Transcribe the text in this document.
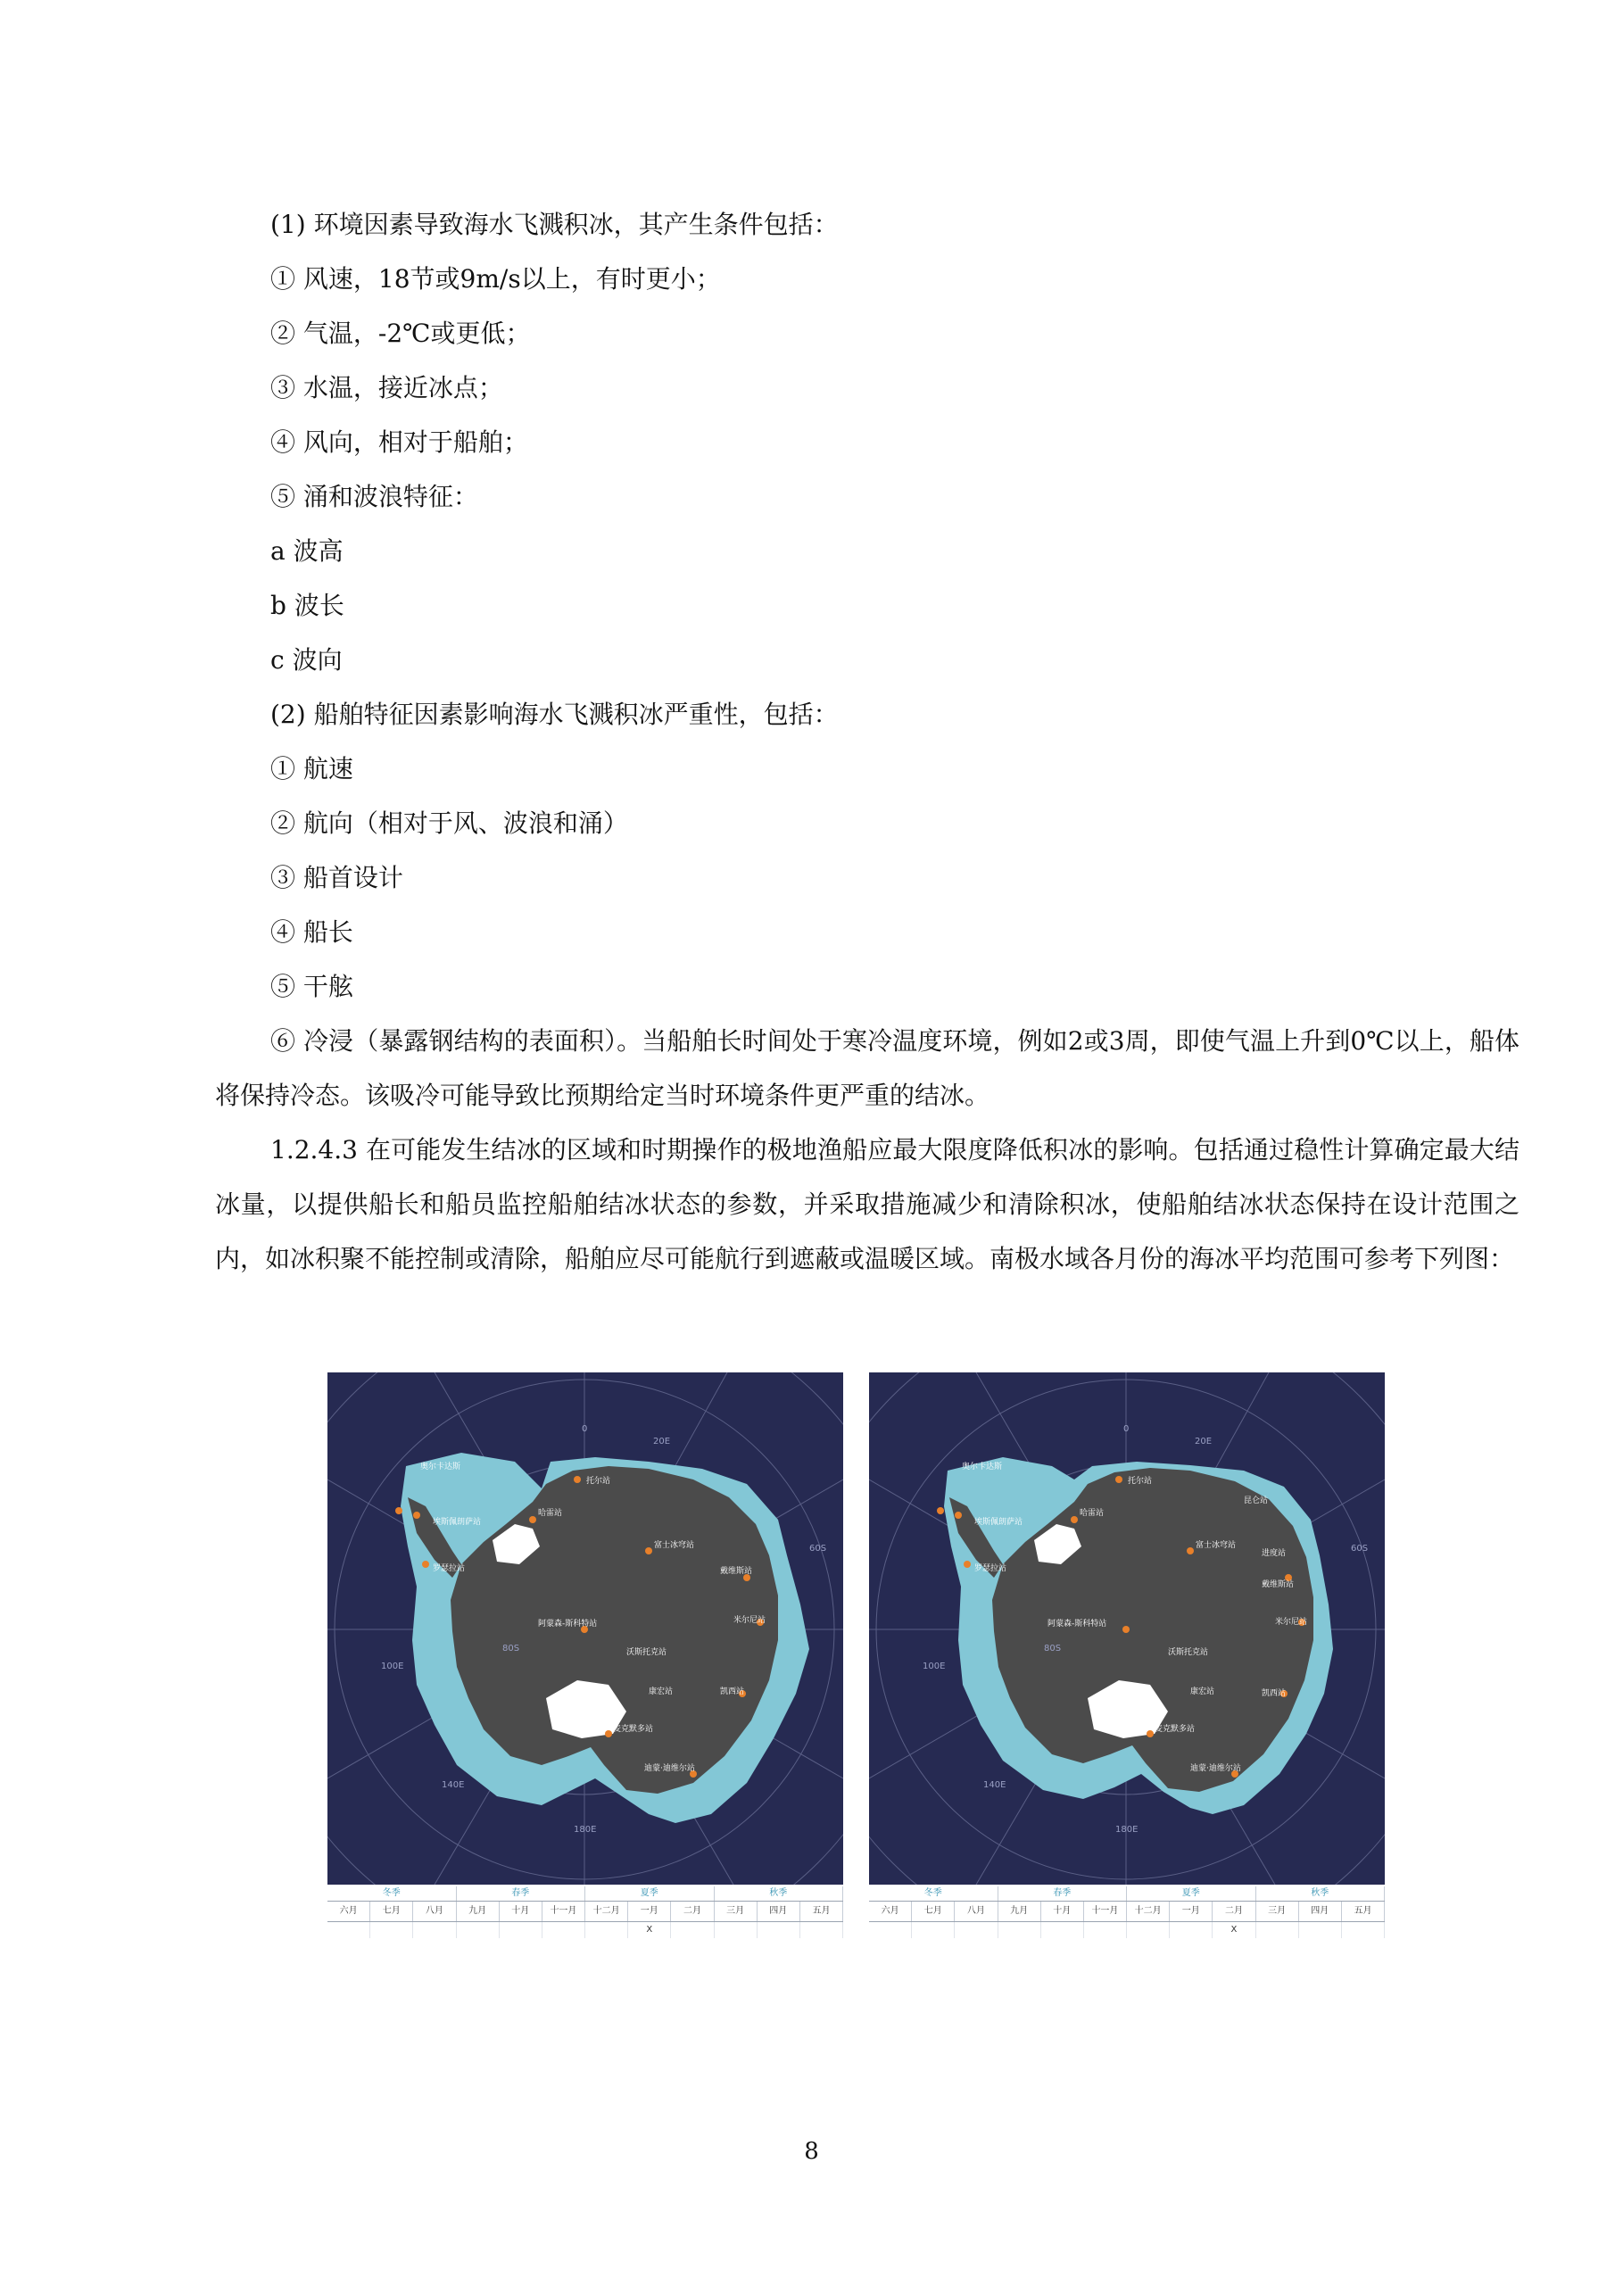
(1) 环境因素导致海水飞溅积冰，其产生条件包括：
① 风速，18节或9m/s以上，有时更小；
② 气温，-2℃或更低；
③ 水温，接近冰点；
④ 风向，相对于船舶；
⑤ 涌和波浪特征：
a 波高
b 波长
c 波向
(2) 船舶特征因素影响海水飞溅积冰严重性，包括：
① 航速
② 航向（相对于风、波浪和涌）
③ 船首设计
④ 船长
⑤ 干舷
⑥ 冷浸（暴露钢结构的表面积）。当船舶长时间处于寒冷温度环境，例如2或3周，即使气温上升到0℃以上，船体将保持冷态。该吸冷可能导致比预期给定当时环境条件更严重的结冰。
1.2.4.3 在可能发生结冰的区域和时期操作的极地渔船应最大限度降低积冰的影响。包括通过稳性计算确定最大结冰量，以提供船长和船员监控船舶结冰状态的参数，并采取措施减少和清除积冰，使船舶结冰状态保持在设计范围之内，如冰积聚不能控制或清除，船舶应尽可能航行到遮蔽或温暖区域。南极水域各月份的海冰平均范围可参考下列图：
0
20E
60S
100E
80S
140E
180E
奥尔卡达斯
埃斯佩朗萨站
罗瑟拉站
托尔站
哈雷站
富士冰穹站
戴维斯站
阿蒙森-斯科特站
沃斯托克站
康宏站	凯西站
米尔尼站
麦克默多站
迪蒙·迪维尔站
冬季	春季	夏季	秋季
六月	七月	八月	九月	十月	十一月	十二月	一月	二月	三月	四月	五月
X
0
20E
60S
100E
80S
140E
180E
奥尔卡达斯
埃斯佩朗萨站
罗瑟拉站
托尔站
哈雷站
昆仑站
富士冰穹站
进度站
戴维斯站
阿蒙森-斯科特站
沃斯托克站
米尔尼站
康宏站	凯西站
麦克默多站
迪蒙·迪维尔站
冬季	春季	夏季	秋季
六月	七月	八月	九月	十月	十一月	十二月	一月	二月	三月	四月	五月
X
8
